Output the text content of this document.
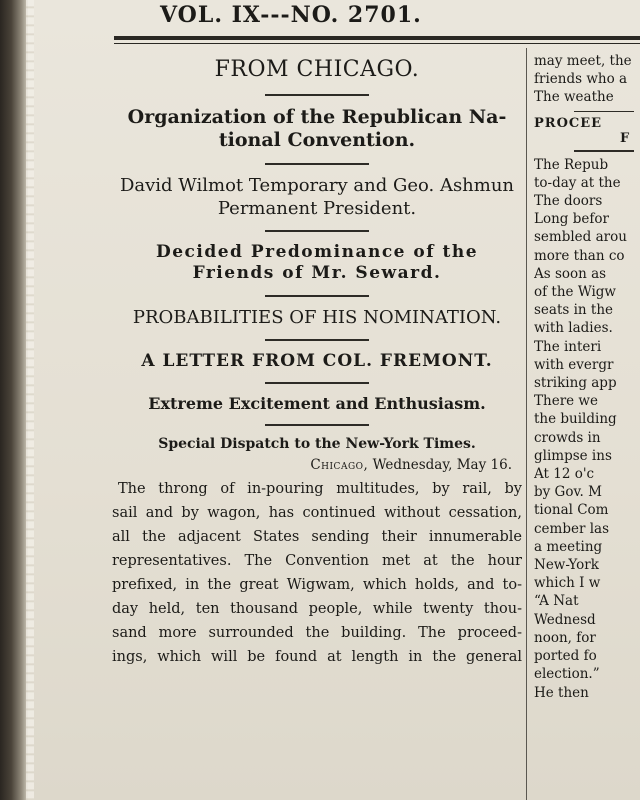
VOL. IX---NO. 2701.

FROM CHICAGO.

Organization of the Republican Na-

tional Convention.

David Wilmot Temporary and Geo. Ashmun

Permanent President.

Decided Predominance of the

Friends of Mr. Seward.

PROBABILITIES OF HIS NOMINATION.

A LETTER FROM COL. FREMONT.

Extreme Excitement and Enthusiasm.

Special Dispatch to the New-York Times.

Chicago, Wednesday, May 16.

The throng of in-pouring multitudes, by rail, by

sail and by wagon, has continued without cessation,

all the adjacent States sending their innumerable

representatives. The Convention met at the hour

prefixed, in the great Wigwam, which holds, and to-

day held, ten thousand people, while twenty thou-

sand more surrounded the building. The proceed-

ings, which will be found at length in the general

may meet, the

friends who a

The weathe

PROCEE

F

The Repub

to-day at the

The doors

Long befor

sembled arou

more than co

As soon as

of the Wigw

seats in the

with ladies.

The interi

with evergr

striking app

There we

the building

crowds in

glimpse ins

At 12 o'c

by Gov. M

tional Com

cember las

a meeting

New-York

which I w

“A Nat

Wednesd

noon, for

ported fo

election.”

He then
